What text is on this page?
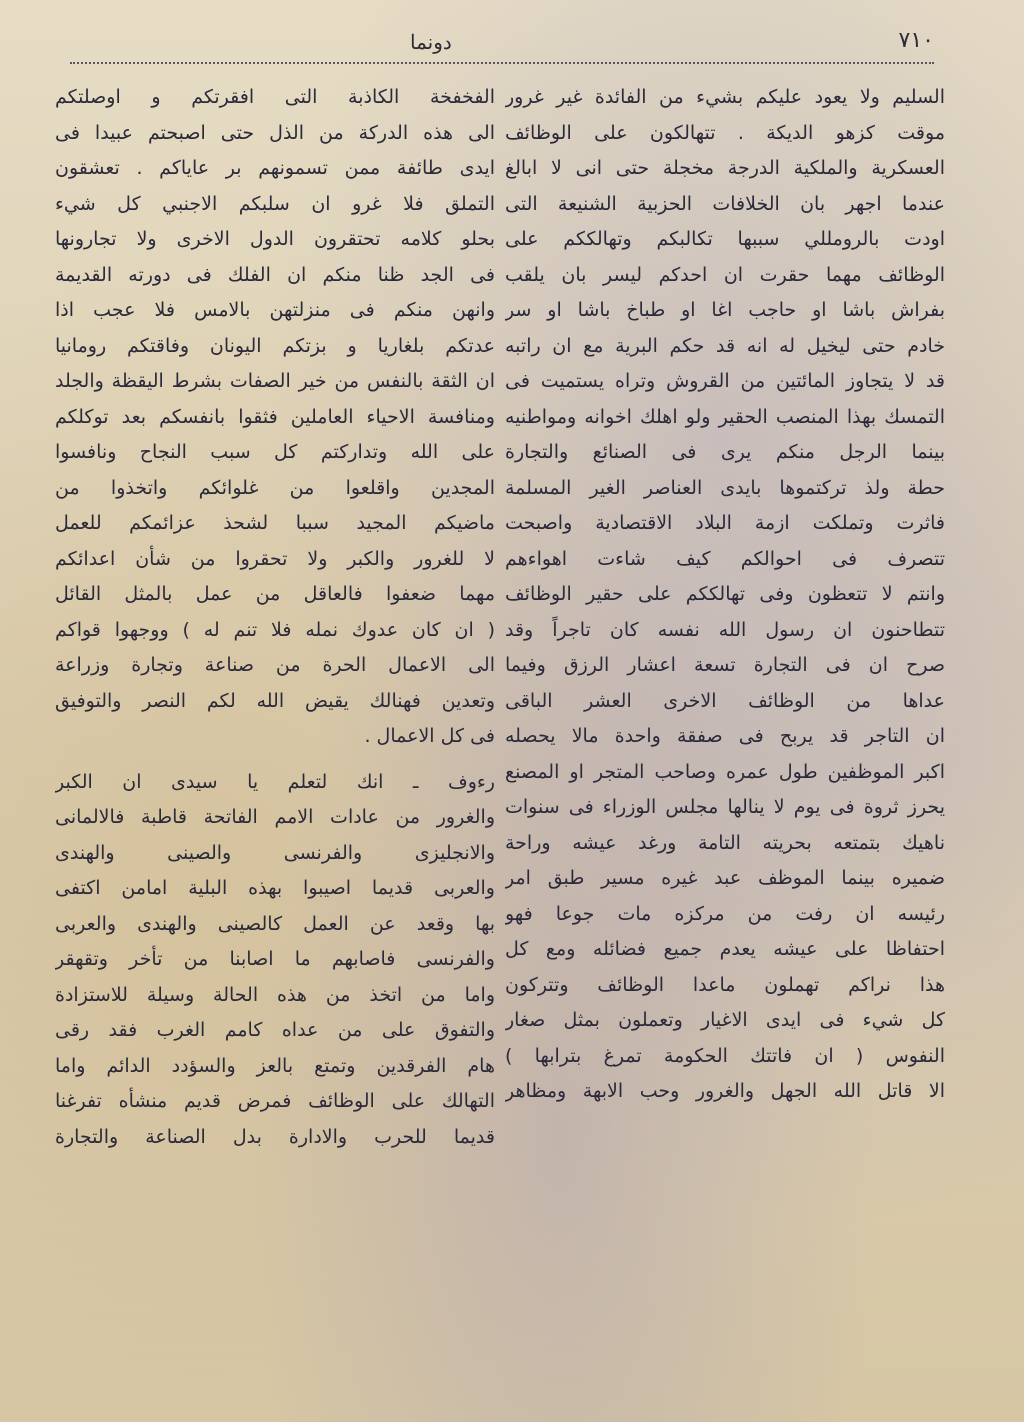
٧١٠
دونما
السليم ولا يعود عليكم بشيء من الفائدة غير غرور
موقت كزهو الديكة . تتهالكون على الوظائف
العسكرية والملكية الدرجة مخجلة حتى انى لا ابالغ
عندما اجهر بان الخلافات الحزبية الشنيعة التى
اودت بالرومللي سببها تكالبكم وتهالككم على
الوظائف مهما حقرت ان احدكم ليسر بان يلقب
بفراش باشا او حاجب اغا او طباخ باشا او سر
خادم حتى ليخيل له انه قد حكم البرية مع ان راتبه
قد لا يتجاوز المائتين من القروش وتراه يستميت فى
التمسك بهذا المنصب الحقير ولو اهلك اخوانه ومواطنيه
بينما الرجل منكم يرى فى الصنائع والتجارة
حطة ولذ تركتموها بايدى العناصر الغير المسلمة
فاثرت وتملكت ازمة البلاد الاقتصادية واصبحت
تتصرف فى احوالكم كيف شاءت اهواءهم
وانتم لا تتعظون وفى تهالككم على حقير الوظائف
تتطاحنون ان رسول الله نفسه كان تاجراً وقد
صرح ان فى التجارة تسعة اعشار الرزق وفيما
عداها من الوظائف الاخرى العشر الباقى
ان التاجر قد يربح فى صفقة واحدة مالا يحصله
اكبر الموظفين طول عمره وصاحب المتجر او المصنع
يحرز ثروة فى يوم لا ينالها مجلس الوزراء فى سنوات
ناهيك بتمتعه بحريته التامة ورغد عيشه وراحة
ضميره بينما الموظف عبد غيره مسير طبق امر
رئيسه ان رفت من مركزه مات جوعا فهو
احتفاظا على عيشه يعدم جميع فضائله ومع كل
هذا نراكم تهملون ماعدا الوظائف وتتركون
كل شيء فى ايدى الاغيار وتعملون بمثل صغار
النفوس ( ان فاتتك الحكومة تمرغ بترابها )
الا قاتل الله الجهل والغرور وحب الابهة ومظاهر
الفخفخة الكاذبة التى افقرتكم و اوصلتكم
الى هذه الدركة من الذل حتى اصبحتم عبيدا فى
ايدى طائفة ممن تسمونهم بر عاياكم . تعشقون
التملق فلا غرو ان سلبكم الاجنبي كل شيء
بحلو كلامه تحتقرون الدول الاخرى ولا تجارونها
فى الجد ظنا منكم ان الفلك فى دورته القديمة
وانهن منكم فى منزلتهن بالامس فلا عجب اذا
عدتكم بلغاريا و بزتكم اليونان وفاقتكم رومانيا
ان الثقة بالنفس من خير الصفات بشرط اليقظة والجلد
ومنافسة الاحياء العاملين فثقوا بانفسكم بعد توكلكم
على الله وتداركتم كل سبب النجاح ونافسوا
المجدين واقلعوا من غلوائكم واتخذوا من
ماضيكم المجيد سببا لشحذ عزائمكم للعمل
لا للغرور والكبر ولا تحقروا من شأن اعدائكم
مهما ضعفوا فالعاقل من عمل بالمثل القائل
( ان كان عدوك نمله فلا تنم له ) ووجهوا قواكم
الى الاعمال الحرة من صناعة وتجارة وزراعة
وتعدين فهنالك يقيض الله لكم النصر والتوفيق
فى كل الاعمال .
رءوف ـ انك لتعلم يا سيدى ان الكبر
والغرور من عادات الامم الفاتحة قاطبة فالالمانى
والانجليزى والفرنسى والصينى والهندى
والعربى قديما اصيبوا بهذه البلية امامن اكتفى
بها وقعد عن العمل كالصينى والهندى والعربى
والفرنسى فاصابهم ما اصابنا من تأخر وتقهقر
واما من اتخذ من هذه الحالة وسيلة للاستزادة
والتفوق على من عداه كامم الغرب فقد رقى
هام الفرقدين وتمتع بالعز والسؤدد الدائم واما
التهالك على الوظائف فمرض قديم منشأه تفرغنا
قديما للحرب والادارة بدل الصناعة والتجارة
